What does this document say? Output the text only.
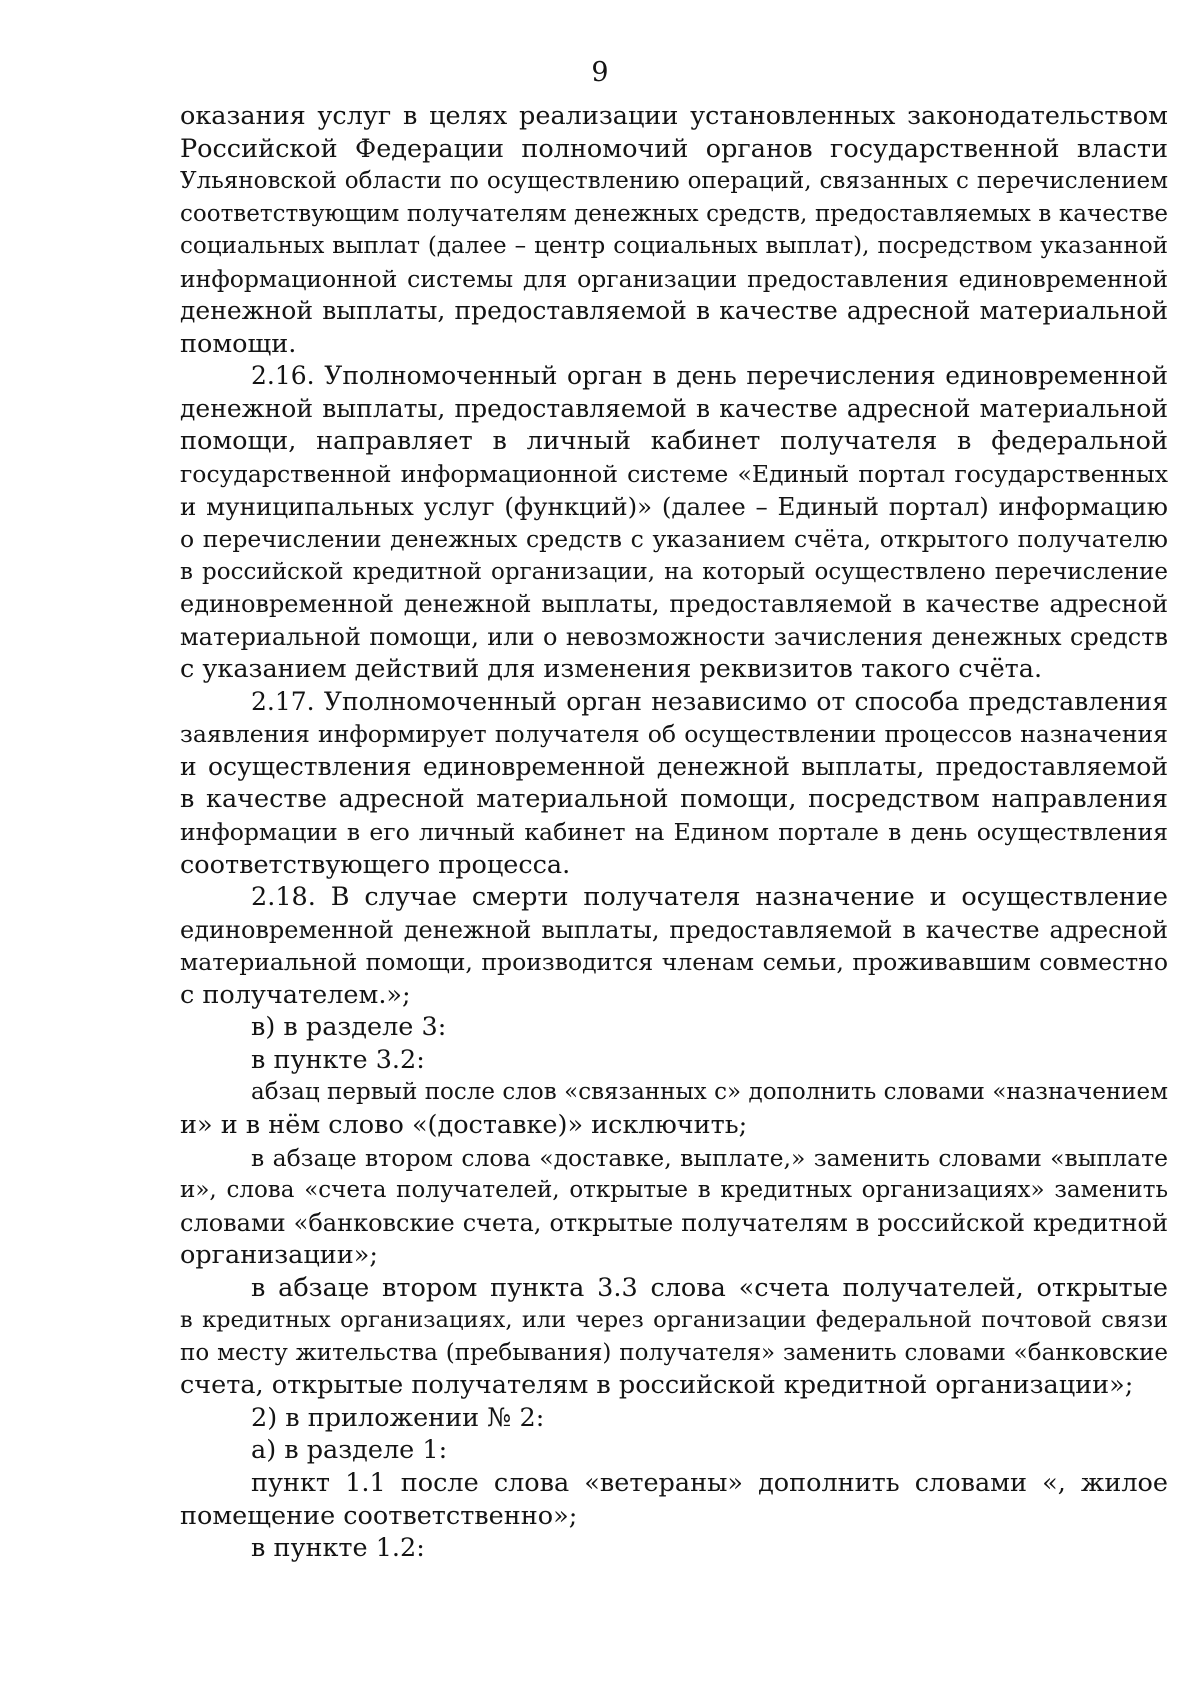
9
оказания услуг в целях реализации установленных законодательством
Российской Федерации полномочий органов государственной власти
Ульяновской области по осуществлению операций, связанных с перечислением
соответствующим получателям денежных средств, предоставляемых в качестве
социальных выплат (далее – центр социальных выплат), посредством указанной
информационной системы для организации предоставления единовременной
денежной выплаты, предоставляемой в качестве адресной материальной
помощи.
2.16. Уполномоченный орган в день перечисления единовременной
денежной выплаты, предоставляемой в качестве адресной материальной
помощи, направляет в личный кабинет получателя в федеральной
государственной информационной системе «Единый портал государственных
и муниципальных услуг (функций)» (далее – Единый портал) информацию
о перечислении денежных средств с указанием счёта, открытого получателю
в российской кредитной организации, на который осуществлено перечисление
единовременной денежной выплаты, предоставляемой в качестве адресной
материальной помощи, или о невозможности зачисления денежных средств
с указанием действий для изменения реквизитов такого счёта.
2.17. Уполномоченный орган независимо от способа представления
заявления информирует получателя об осуществлении процессов назначения
и осуществления единовременной денежной выплаты, предоставляемой
в качестве адресной материальной помощи, посредством направления
информации в его личный кабинет на Едином портале в день осуществления
соответствующего процесса.
2.18. В случае смерти получателя назначение и осуществление
единовременной денежной выплаты, предоставляемой в качестве адресной
материальной помощи, производится членам семьи, проживавшим совместно
с получателем.»;
в) в разделе 3:
в пункте 3.2:
абзац первый после слов «связанных с» дополнить словами «назначением
и» и в нём слово «(доставке)» исключить;
в абзаце втором слова «доставке, выплате,» заменить словами «выплате
и», слова «счета получателей, открытые в кредитных организациях» заменить
словами «банковские счета, открытые получателям в российской кредитной
организации»;
в абзаце втором пункта 3.3 слова «счета получателей, открытые
в кредитных организациях, или через организации федеральной почтовой связи
по месту жительства (пребывания) получателя» заменить словами «банковские
счета, открытые получателям в российской кредитной организации»;
2) в приложении № 2:
а) в разделе 1:
пункт 1.1 после слова «ветераны» дополнить словами «, жилое
помещение соответственно»;
в пункте 1.2:
